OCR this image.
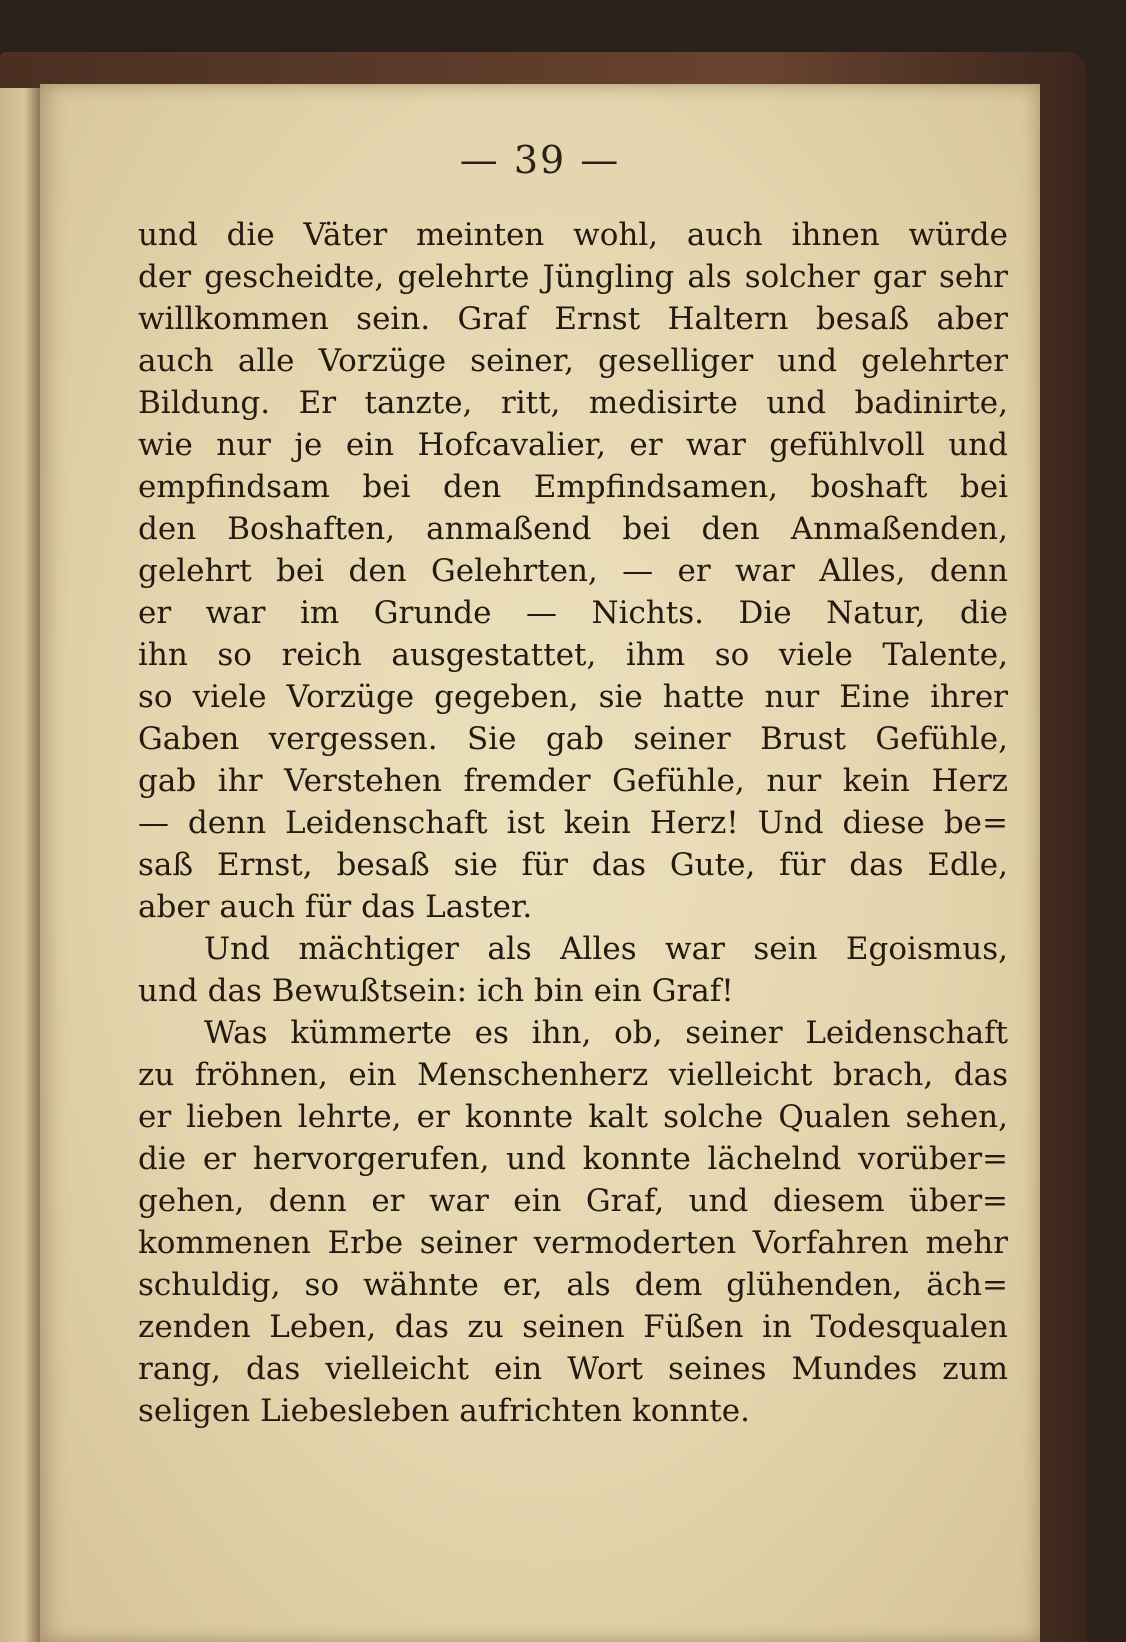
— 39 —
und die Väter meinten wohl, auch ihnen würde
der gescheidte, gelehrte Jüngling als solcher gar sehr
willkommen sein. Graf Ernst Haltern besaß aber
auch alle Vorzüge seiner, geselliger und gelehrter
Bildung. Er tanzte, ritt, medisirte und badinirte,
wie nur je ein Hofcavalier, er war gefühlvoll und
empfindsam bei den Empfindsamen, boshaft bei
den Boshaften, anmaßend bei den Anmaßenden,
gelehrt bei den Gelehrten, — er war Alles, denn
er war im Grunde — Nichts. Die Natur, die
ihn so reich ausgestattet, ihm so viele Talente,
so viele Vorzüge gegeben, sie hatte nur Eine ihrer
Gaben vergessen. Sie gab seiner Brust Gefühle,
gab ihr Verstehen fremder Gefühle, nur kein Herz
— denn Leidenschaft ist kein Herz! Und diese be=
saß Ernst, besaß sie für das Gute, für das Edle,
aber auch für das Laster.
Und mächtiger als Alles war sein Egoismus,
und das Bewußtsein: ich bin ein Graf!
Was kümmerte es ihn, ob, seiner Leidenschaft
zu fröhnen, ein Menschenherz vielleicht brach, das
er lieben lehrte, er konnte kalt solche Qualen sehen,
die er hervorgerufen, und konnte lächelnd vorüber=
gehen, denn er war ein Graf, und diesem über=
kommenen Erbe seiner vermoderten Vorfahren mehr
schuldig, so wähnte er, als dem glühenden, äch=
zenden Leben, das zu seinen Füßen in Todesqualen
rang, das vielleicht ein Wort seines Mundes zum
seligen Liebesleben aufrichten konnte.
